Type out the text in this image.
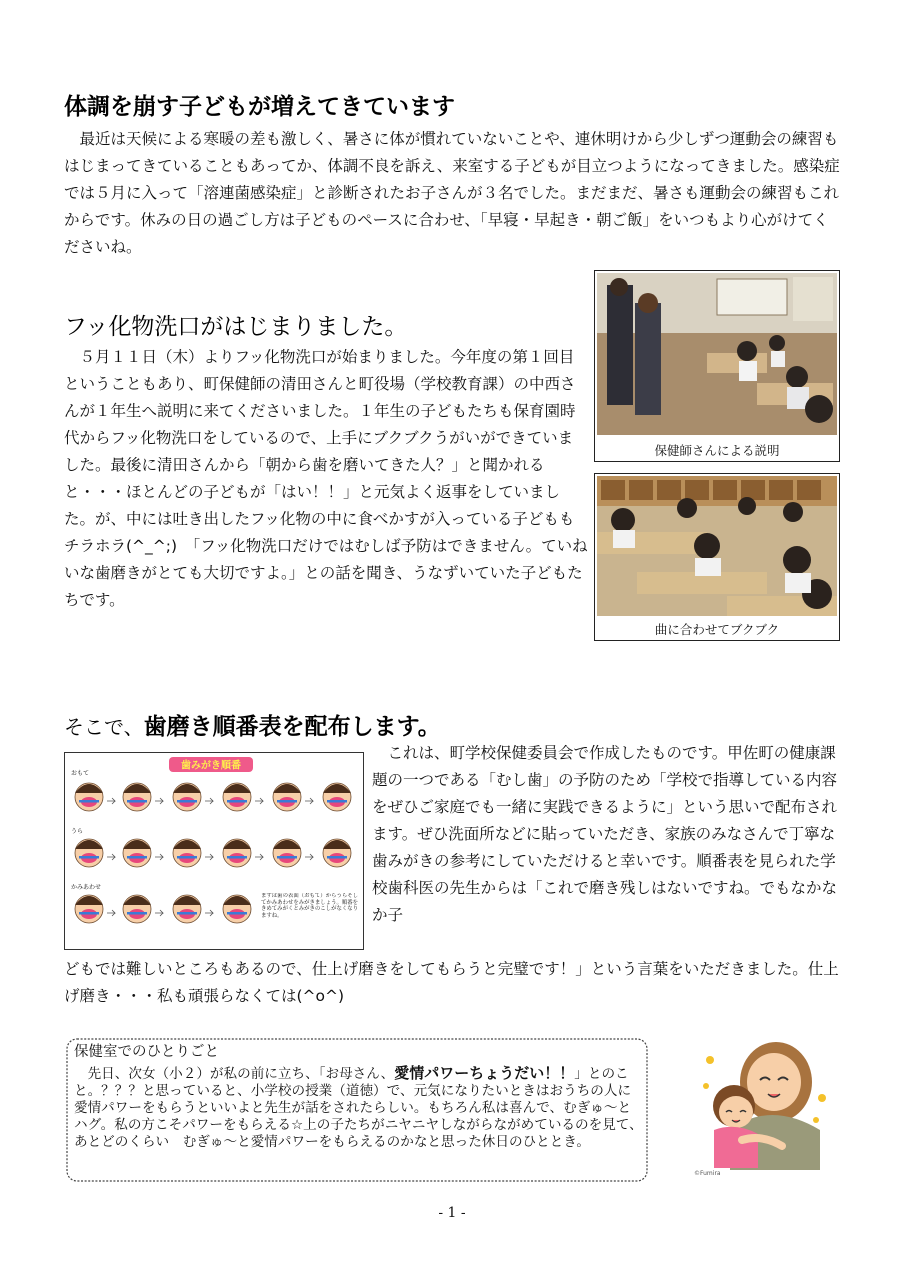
体調を崩す子どもが増えてきています
　最近は天候による寒暖の差も激しく、暑さに体が慣れていないことや、連休明けから少しずつ運動会の練習もはじまってきていることもあってか、体調不良を訴え、来室する子どもが目立つようになってきました。感染症では５月に入って「溶連菌感染症」と診断されたお子さんが３名でした。まだまだ、暑さも運動会の練習もこれからです。休みの日の過ごし方は子どものペースに合わせ、「早寝・早起き・朝ご飯」をいつもより心がけてくださいね。
フッ化物洗口がはじまりました。
　５月１１日（木）よりフッ化物洗口が始まりました。今年度の第１回目ということもあり、町保健師の清田さんと町役場（学校教育課）の中西さんが１年生へ説明に来てくださいました。１年生の子どもたちも保育園時代からフッ化物洗口をしているので、上手にブクブクうがいができていました。最後に清田さんから「朝から歯を磨いてきた人？」と聞かれると・・・ほとんどの子どもが「はい！！」と元気よく返事をしていました。が、中には吐き出したフッ化物の中に食べかすが入っている子どももチラホラ(^_^;)　「フッ化物洗口だけではむしば予防はできません。ていねいな歯磨きがとても大切ですよ。」との話を聞き、うなずいていた子どもたちです。
保健師さんによる説明
曲に合わせてブクブク
そこで、歯磨き順番表を配布します。
歯みがき順番
おもて
うら
かみあわせ
まずは歯の表面（おもて）からうらそしてかみあわせをみがきましょう。順番をきめてみがくとみがきのこしがなくなりますね。
　これは、町学校保健委員会で作成したものです。甲佐町の健康課題の一つである「むし歯」の予防のため「学校で指導している内容をぜひご家庭でも一緒に実践できるように」という思いで配布されます。ぜひ洗面所などに貼っていただき、家族のみなさんで丁寧な歯みがきの参考にしていただけると幸いです。順番表を見られた学校歯科医の先生からは「これで磨き残しはないですね。でもなかなか子
どもでは難しいところもあるので、仕上げ磨きをしてもらうと完璧です！」という言葉をいただきました。仕上げ磨き・・・私も頑張らなくては(^o^)
保健室でのひとりごと
　先日、次女（小２）が私の前に立ち、「お母さん、愛情パワーちょうだい！！」とのこと。？？？と思っていると、小学校の授業（道徳）で、元気になりたいときはおうちの人に愛情パワーをもらうといいよと先生が話をされたらしい。もちろん私は喜んで、むぎゅ～とハグ。私の方こそパワーをもらえる☆上の子たちがニヤニヤしながらながめているのを見て、あとどのくらい　むぎゅ～と愛情パワーをもらえるのかなと思った休日のひととき。
©Fumira
- 1 -
